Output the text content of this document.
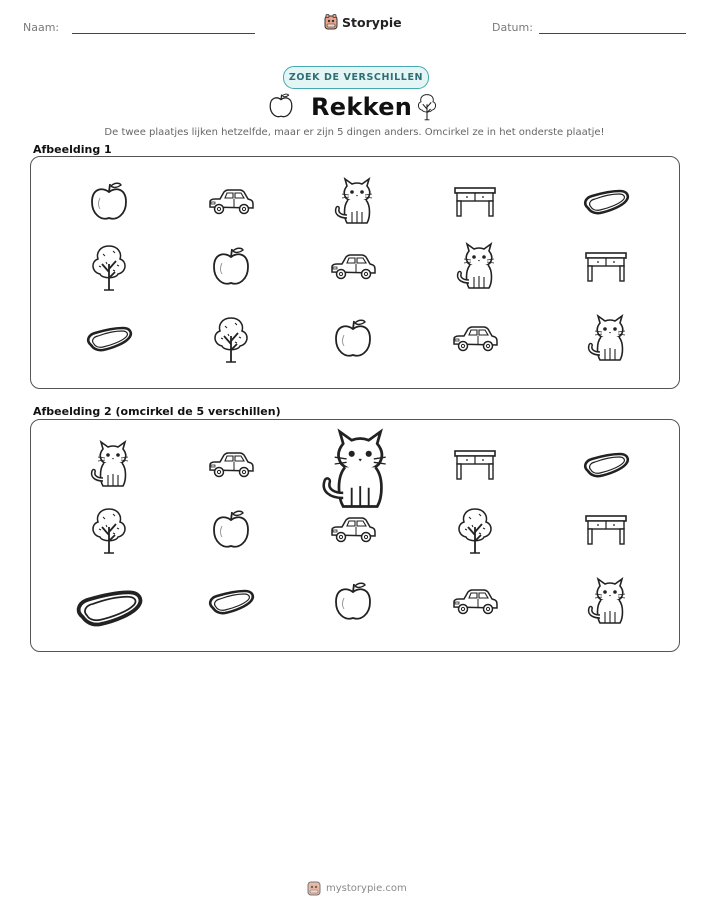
Naam:	Storypie	Datum:
ZOEK DE VERSCHILLEN
Rekken
De twee plaatjes lijken hetzelfde, maar er zijn 5 dingen anders. Omcirkel ze in het onderste plaatje!
Afbeelding 1
Afbeelding 2 (omcirkel de 5 verschillen)
mystorypie.com
